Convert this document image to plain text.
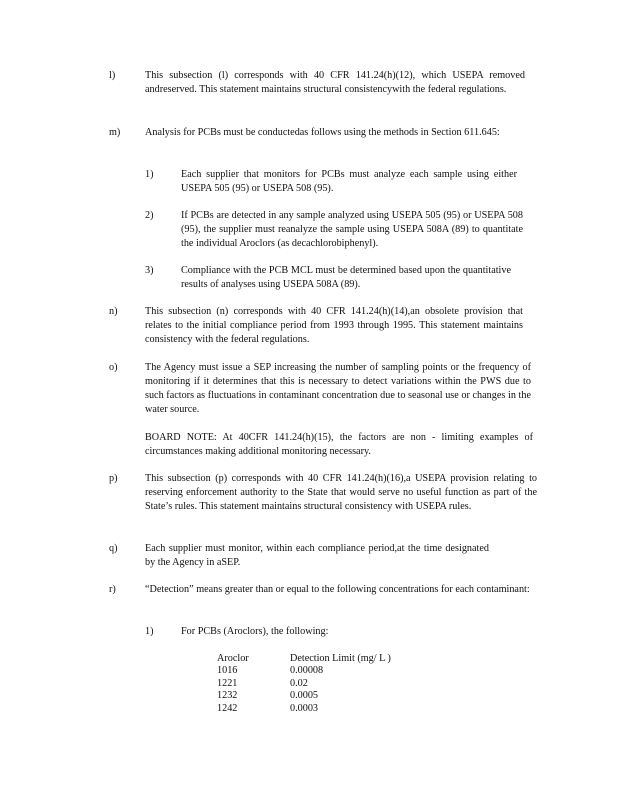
l)	This subsection (l) corresponds with 40 CFR 141.24(h)(12), which USEPA removed andreserved. This statement maintains structural consistencywith the federal regulations.
m) Analysis for PCBs must be conductedas follows using the methods in Section 611.645:
1)	Each supplier that monitors for PCBs must analyze each sample using either USEPA 505 (95) or USEPA 508 (95).
2)	If PCBs are detected in any sample analyzed using USEPA 505 (95) or USEPA 508 (95), the supplier must reanalyze the sample using USEPA 508A (89) to quantitate the individual Aroclors (as decachlorobiphenyl).
3)	Compliance with the PCB MCL must be determined based upon the quantitative results of analyses using USEPA 508A (89).
n)	This subsection (n) corresponds with 40 CFR 141.24(h)(14),an obsolete provision that relates to the initial compliance period from 1993 through 1995. This statement maintains consistency with the federal regulations.
o)	The Agency must issue a SEP increasing the number of sampling points or the frequency of monitoring if it determines that this is necessary to detect variations within the PWS due to such factors as fluctuations in contaminant concentration due to seasonal use or changes in the water source.
BOARD NOTE: At 40CFR 141.24(h)(15), the factors are non - limiting examples of circumstances making additional monitoring necessary.
p)	This subsection (p) corresponds with 40 CFR 141.24(h)(16),a USEPA provision relating to reserving enforcement authority to the State that would serve no useful function as part of the State’s rules. This statement maintains structural consistency with USEPA rules.
q)	Each supplier must monitor, within each compliance period,at the time designated by the Agency in aSEP.
r)	“Detection” means greater than or equal to the following concentrations for each contaminant:
1)	For PCBs (Aroclors), the following:
Aroclor	Detection Limit (mg/ L )
1016	0.00008
1221	0.02
1232	0.0005
1242	0.0003
